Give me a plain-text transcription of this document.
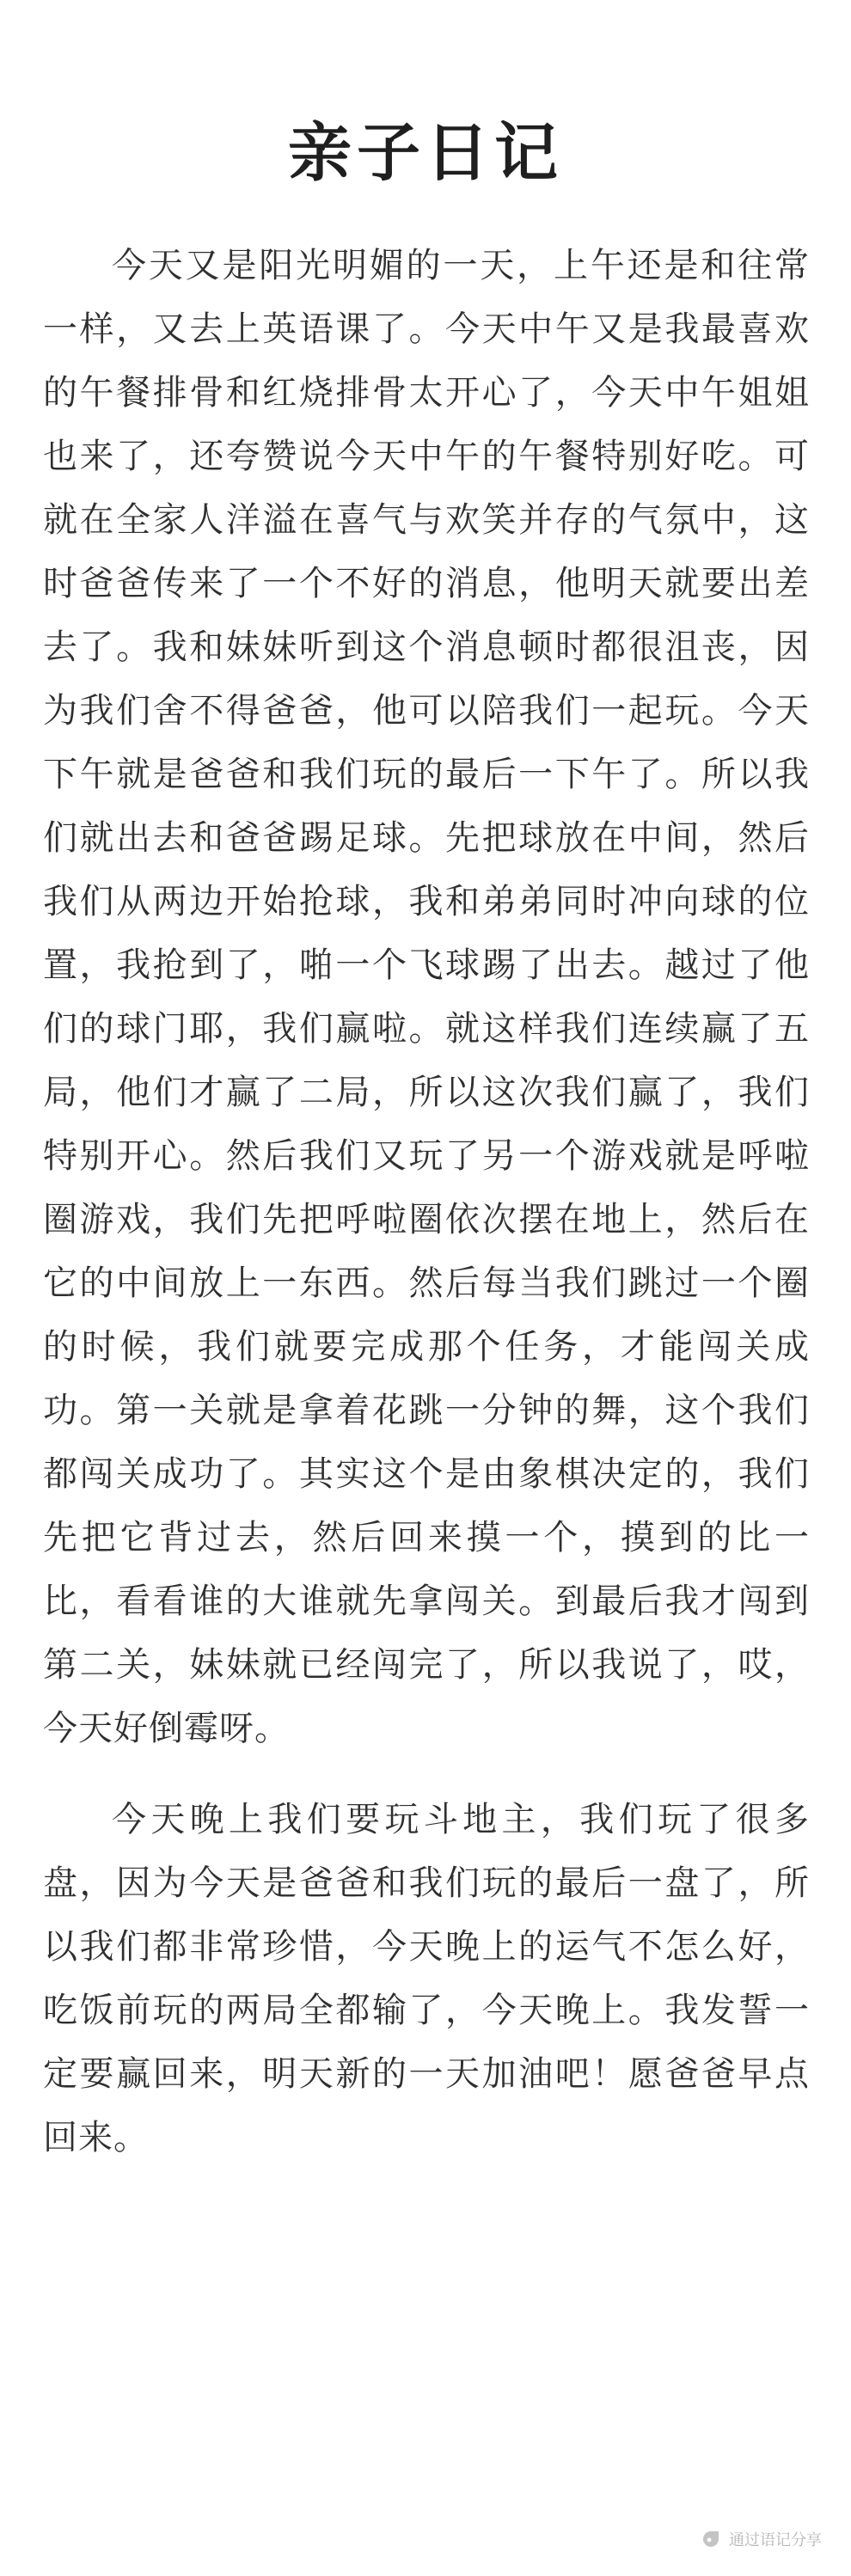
亲子日记

今天又是阳光明媚的一天，上午还是和往常一样，又去上英语课了。今天中午又是我最喜欢的午餐排骨和红烧排骨太开心了，今天中午姐姐也来了，还夸赞说今天中午的午餐特别好吃。可就在全家人洋溢在喜气与欢笑并存的气氛中，这时爸爸传来了一个不好的消息，他明天就要出差去了。我和妹妹听到这个消息顿时都很沮丧，因为我们舍不得爸爸，他可以陪我们一起玩。今天下午就是爸爸和我们玩的最后一下午了。所以我们就出去和爸爸踢足球。先把球放在中间，然后我们从两边开始抢球，我和弟弟同时冲向球的位置，我抢到了，啪一个飞球踢了出去。越过了他们的球门耶，我们赢啦。就这样我们连续赢了五局，他们才赢了二局，所以这次我们赢了，我们特别开心。然后我们又玩了另一个游戏就是呼啦圈游戏，我们先把呼啦圈依次摆在地上，然后在它的中间放上一东西。然后每当我们跳过一个圈的时候，我们就要完成那个任务，才能闯关成功。第一关就是拿着花跳一分钟的舞，这个我们都闯关成功了。其实这个是由象棋决定的，我们先把它背过去，然后回来摸一个，摸到的比一比，看看谁的大谁就先拿闯关。到最后我才闯到第二关，妹妹就已经闯完了，所以我说了，哎，今天好倒霉呀。

今天晚上我们要玩斗地主，我们玩了很多盘，因为今天是爸爸和我们玩的最后一盘了，所以我们都非常珍惜，今天晚上的运气不怎么好，吃饭前玩的两局全都输了，今天晚上。我发誓一定要赢回来，明天新的一天加油吧！愿爸爸早点回来。

通过语记分享
